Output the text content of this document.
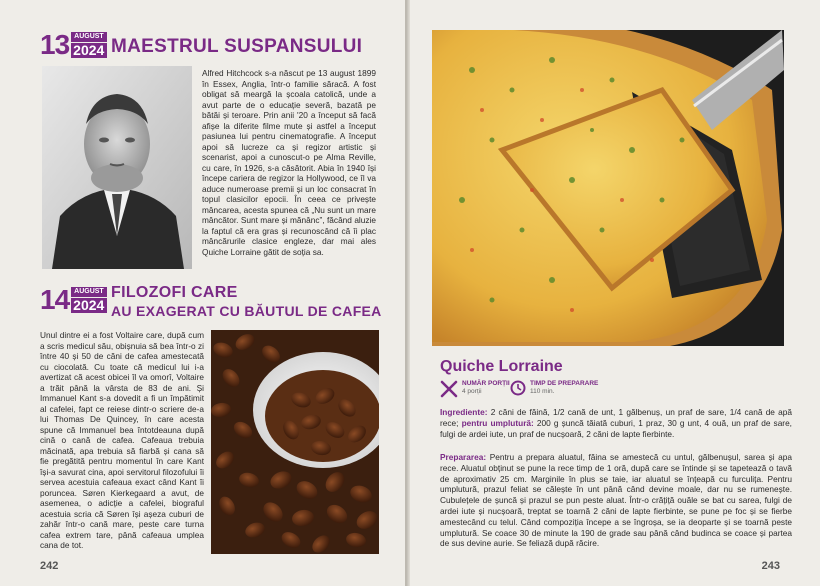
13 AUGUST
2024 MAESTRUL SUSPANSULUI
Alfred Hitchcock s-a născut pe 13 august 1899 în Essex, Anglia, într-o familie săracă. A fost obligat să meargă la școala catolică, unde a avut parte de o educație severă, bazată pe bătăi și teroare. Prin anii '20 a început să facă afișe la diferite filme mute și astfel a început pasiunea lui pentru cinematografie. A început apoi să lucreze ca și regizor artistic și scenarist, apoi a cunoscut-o pe Alma Reville, cu care, în 1926, s-a căsătorit. Abia în 1940 își începe cariera de regizor la Hollywood, ce îl va aduce numeroase premii și un loc consacrat în topul clasicilor epocii. În ceea ce privește mâncarea, acesta spunea că „Nu sunt un mare mâncător. Sunt mare și mănânc”, făcând aluzie la faptul că era gras și recunoscând că îi plac mâncărurile clasice engleze, dar mai ales Quiche Lorraine gătit de soția sa.
14 AUGUST
2024
FILOZOFI CARE
AU EXAGERAT CU BĂUTUL DE CAFEA
Unul dintre ei a fost Voltaire care, după cum a scris medicul său, obișnuia să bea într-o zi între 40 și 50 de căni de cafea amestecată cu ciocolată. Cu toate că medicul lui i-a avertizat că acest obicei îl va omorî, Voltaire a trăit până la vârsta de 83 de ani. Și Immanuel Kant s-a dovedit a fi un împătimit al cafelei, fapt ce reiese dintr-o scriere de-a lui Thomas De Quincey, în care acesta spune că Immanuel bea întotdeauna după cină o cană de cafea. Cafeaua trebuia măcinată, apa trebuia să fiarbă și cana să fie pregătită pentru momentul în care Kant își-a savurat cina, apoi servitorul filozofului îi servea acestuia cafeaua exact când Kant îi poruncea. Søren Kierkegaard a avut, de asemenea, o adicție a cafelei, biograful acestuia scria că Søren își așeza cuburi de zahăr într-o cană mare, peste care turna cafea extrem tare, până cafeaua umplea cana de tot.
242
Quiche Lorraine
NUMĂR PORȚII
4 porții
TIMP DE PREPARARE
110 min.
Ingrediente: 2 căni de făină, 1/2 cană de unt, 1 gălbenuș, un praf de sare, 1/4 cană de apă rece; pentru umplutură: 200 g șuncă tăiată cuburi, 1 praz, 30 g unt, 4 ouă, un praf de sare, fulgi de ardei iute, un praf de nucșoară, 2 căni de lapte fierbinte.
Prepararea: Pentru a prepara aluatul, făina se amestecă cu untul, gălbenușul, sarea și apa rece. Aluatul obținut se pune la rece timp de 1 oră, după care se întinde și se tapetează o tavă de aproximativ 25 cm. Marginile în plus se taie, iar aluatul se înțeapă cu furculița. Pentru umplutură, prazul feliat se călește în unt până când devine moale, dar nu se rumenește. Cubulețele de șuncă și prazul se pun peste aluat. Într-o crățiță ouăle se bat cu sarea, fulgi de ardei iute și nucșoară, treptat se toarnă 2 căni de lapte fierbinte, se pune pe foc și se fierbe amestecând cu telul. Când compoziția începe a se îngroșa, se ia deoparte și se toarnă peste umplutură. Se coace 30 de minute la 190 de grade sau până când budinca se coace și partea de sus devine aurie. Se feliază după răcire.
243
